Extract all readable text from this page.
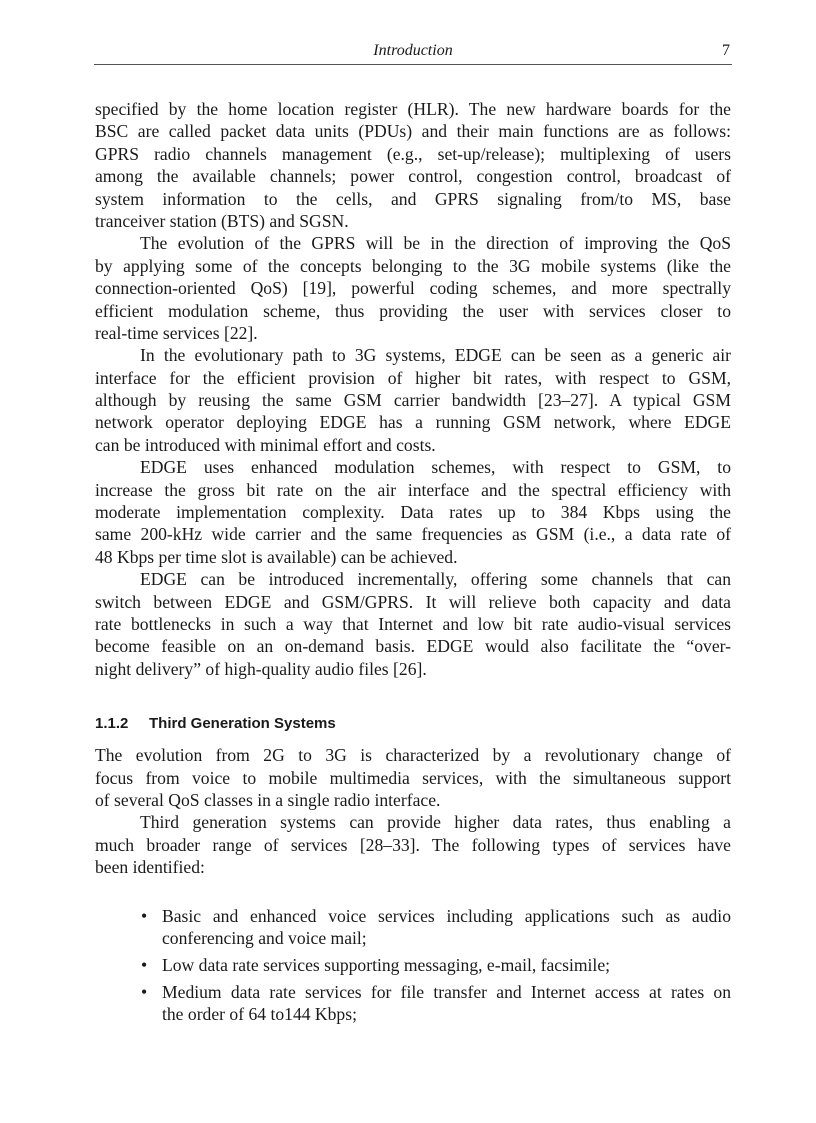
Introduction	7
specified by the home location register (HLR). The new hardware boards for the
BSC are called packet data units (PDUs) and their main functions are as follows:
GPRS radio channels management (e.g., set-up/release); multiplexing of users
among the available channels; power control, congestion control, broadcast of
system information to the cells, and GPRS signaling from/to MS, base
tranceiver station (BTS) and SGSN.
The evolution of the GPRS will be in the direction of improving the QoS
by applying some of the concepts belonging to the 3G mobile systems (like the
connection-oriented QoS) [19], powerful coding schemes, and more spectrally
efficient modulation scheme, thus providing the user with services closer to
real-time services [22].
In the evolutionary path to 3G systems, EDGE can be seen as a generic air
interface for the efficient provision of higher bit rates, with respect to GSM,
although by reusing the same GSM carrier bandwidth [23–27]. A typical GSM
network operator deploying EDGE has a running GSM network, where EDGE
can be introduced with minimal effort and costs.
EDGE uses enhanced modulation schemes, with respect to GSM, to
increase the gross bit rate on the air interface and the spectral efficiency with
moderate implementation complexity. Data rates up to 384 Kbps using the
same 200-kHz wide carrier and the same frequencies as GSM (i.e., a data rate of
48 Kbps per time slot is available) can be achieved.
EDGE can be introduced incrementally, offering some channels that can
switch between EDGE and GSM/GPRS. It will relieve both capacity and data
rate bottlenecks in such a way that Internet and low bit rate audio-visual services
become feasible on an on-demand basis. EDGE would also facilitate the “over-
night delivery” of high-quality audio files [26].
1.1.2 Third Generation Systems
The evolution from 2G to 3G is characterized by a revolutionary change of
focus from voice to mobile multimedia services, with the simultaneous support
of several QoS classes in a single radio interface.
Third generation systems can provide higher data rates, thus enabling a
much broader range of services [28–33]. The following types of services have
been identified:
• Basic and enhanced voice services including applications such as audio
conferencing and voice mail;
• Low data rate services supporting messaging, e-mail, facsimile;
• Medium data rate services for file transfer and Internet access at rates on
the order of 64 to144 Kbps;
